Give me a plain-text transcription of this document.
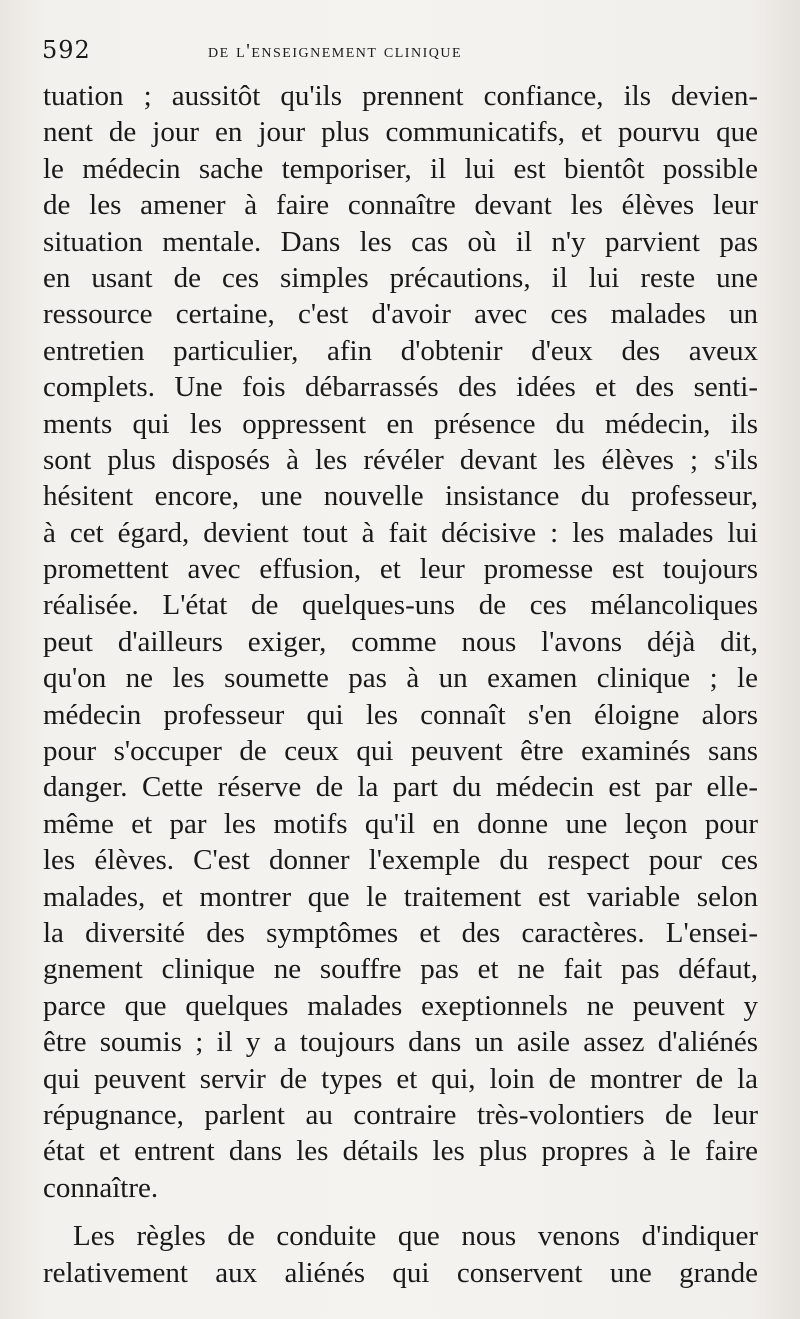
592	de l'enseignement clinique
tuation ; aussitôt qu'ils prennent confiance, ils devien-
nent de jour en jour plus communicatifs, et pourvu que
le médecin sache temporiser, il lui est bientôt possible
de les amener à faire connaître devant les élèves leur
situation mentale. Dans les cas où il n'y parvient pas
en usant de ces simples précautions, il lui reste une
ressource certaine, c'est d'avoir avec ces malades un
entretien particulier, afin d'obtenir d'eux des aveux
complets. Une fois débarrassés des idées et des senti-
ments qui les oppressent en présence du médecin, ils
sont plus disposés à les révéler devant les élèves ; s'ils
hésitent encore, une nouvelle insistance du professeur,
à cet égard, devient tout à fait décisive : les malades lui
promettent avec effusion, et leur promesse est toujours
réalisée. L'état de quelques-uns de ces mélancoliques
peut d'ailleurs exiger, comme nous l'avons déjà dit,
qu'on ne les soumette pas à un examen clinique ; le
médecin professeur qui les connaît s'en éloigne alors
pour s'occuper de ceux qui peuvent être examinés sans
danger. Cette réserve de la part du médecin est par elle-
même et par les motifs qu'il en donne une leçon pour
les élèves. C'est donner l'exemple du respect pour ces
malades, et montrer que le traitement est variable selon
la diversité des symptômes et des caractères. L'ensei-
gnement clinique ne souffre pas et ne fait pas défaut,
parce que quelques malades exeptionnels ne peuvent y
être soumis ; il y a toujours dans un asile assez d'aliénés
qui peuvent servir de types et qui, loin de montrer de la
répugnance, parlent au contraire très-volontiers de leur
état et entrent dans les détails les plus propres à le faire
connaître.
Les règles de conduite que nous venons d'indiquer
relativement aux aliénés qui conservent une grande
